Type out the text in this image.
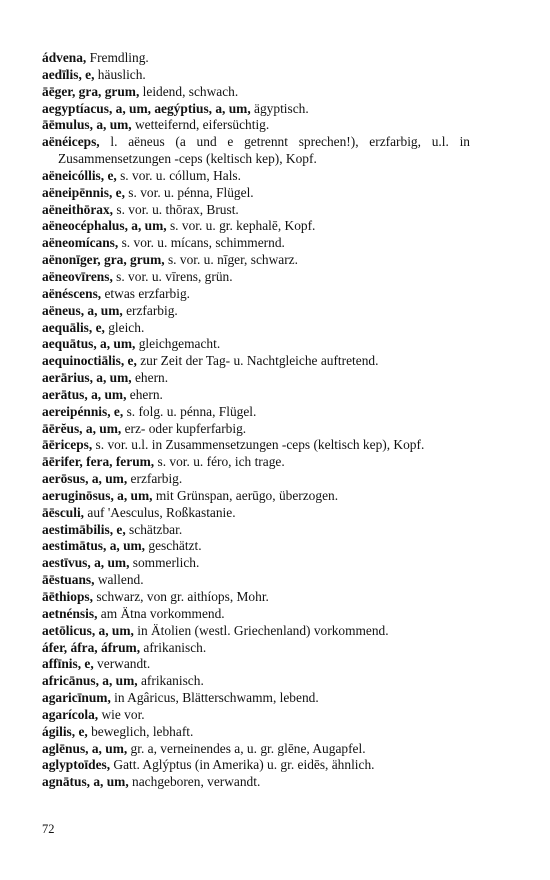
ádvena, Fremdling.
aedīlis, e, häuslich.
āēger, gra, grum, leidend, schwach.
aegyptíacus, a, um, aegýptius, a, um, ägyptisch.
āēmulus, a, um, wetteifernd, eifersüchtig.
aënéiceps, l. aëneus (a und e getrennt sprechen!), erzfarbig, u.l. in Zusammensetzungen -ceps (keltisch kep), Kopf.
aëneicóllis, e, s. vor. u. cóllum, Hals.
aëneipēnnis, e, s. vor. u. pénna, Flügel.
aëneithōrax, s. vor. u. thōrax, Brust.
aëneocéphalus, a, um, s. vor. u. gr. kephalē, Kopf.
aëneomícans, s. vor. u. mícans, schimmernd.
aënonīger, gra, grum, s. vor. u. nīger, schwarz.
aëneovīrens, s. vor. u. vīrens, grün.
aënéscens, etwas erzfarbig.
aëneus, a, um, erzfarbig.
aequālis, e, gleich.
aequātus, a, um, gleichgemacht.
aequinoctiālis, e, zur Zeit der Tag- u. Nachtgleiche auftretend.
aerārius, a, um, ehern.
aerātus, a, um, ehern.
aereipénnis, e, s. folg. u. pénna, Flügel.
āērĕus, a, um, erz- oder kupferfarbig.
āēriceps, s. vor. u.l. in Zusammensetzungen -ceps (keltisch kep), Kopf.
āērifer, fera, ferum, s. vor. u. féro, ich trage.
aerōsus, a, um, erzfarbig.
aeruginōsus, a, um, mit Grünspan, aerūgo, überzogen.
āēsculi, auf 'Aesculus, Roßkastanie.
aestimābilis, e, schätzbar.
aestimātus, a, um, geschätzt.
aestīvus, a, um, sommerlich.
āēstuans, wallend.
āēthiops, schwarz, von gr. aithíops, Mohr.
aetnénsis, am Ätna vorkommend.
aetōlicus, a, um, in Ätolien (westl. Griechenland) vorkommend.
áfer, áfra, áfrum, afrikanisch.
affīnis, e, verwandt.
africānus, a, um, afrikanisch.
agaricīnum, in Agâricus, Blätterschwamm, lebend.
agarícola, wie vor.
ágilis, e, beweglich, lebhaft.
aglēnus, a, um, gr. a, verneinendes a, u. gr. glēne, Augapfel.
aglyptoīdes, Gatt. Aglýptus (in Amerika) u. gr. eidēs, ähnlich.
agnātus, a, um, nachgeboren, verwandt.
72
